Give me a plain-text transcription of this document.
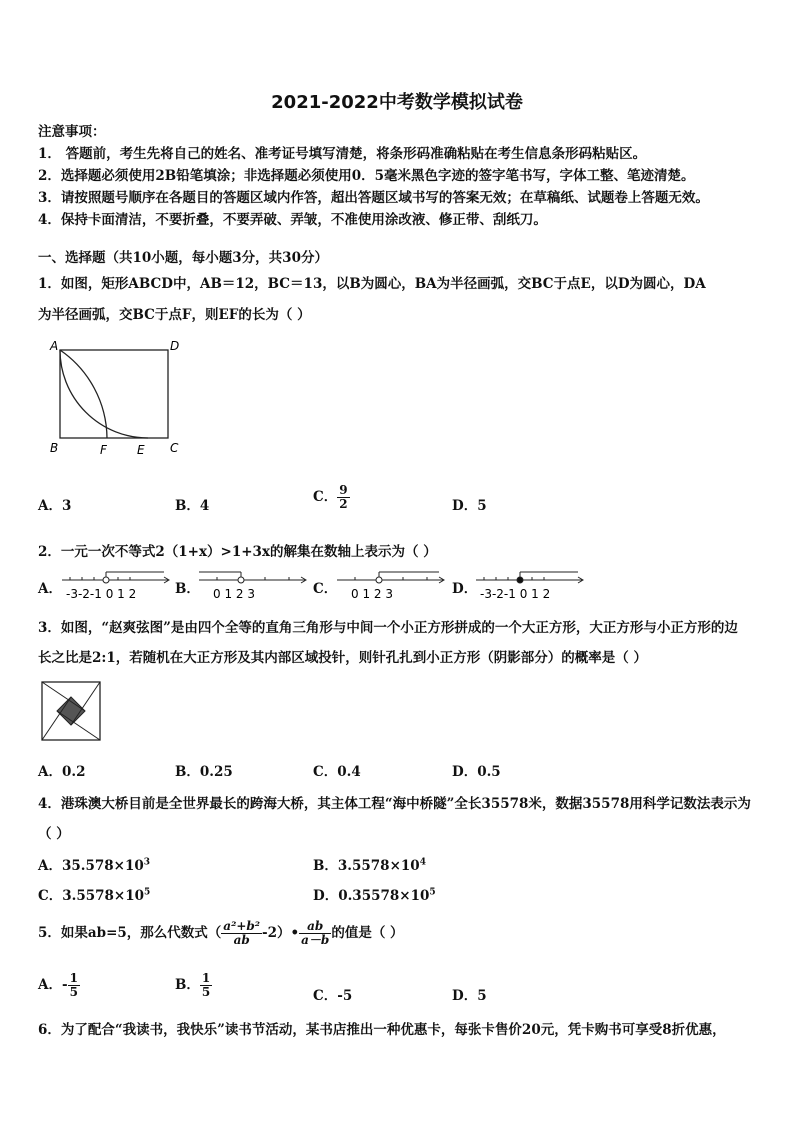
2021-2022中考数学模拟试卷
注意事项：
1． 答题前，考生先将自己的姓名、准考证号填写清楚，将条形码准确粘贴在考生信息条形码粘贴区。
2．选择题必须使用2B铅笔填涂；非选择题必须使用0．5毫米黑色字迹的签字笔书写，字体工整、笔迹清楚。
3．请按照题号顺序在各题目的答题区域内作答，超出答题区域书写的答案无效；在草稿纸、试题卷上答题无效。
4．保持卡面清洁，不要折叠，不要弄破、弄皱，不准使用涂改液、修正带、刮纸刀。
一、选择题（共10小题，每小题3分，共30分）
1．如图，矩形ABCD中，AB＝12，BC＝13，以B为圆心，BA为半径画弧，交BC于点E，以D为圆心，DA
为半径画弧，交BC于点F，则EF的长为（ ）
A	D
B	F	E C
A．3	B．4
C． $\frac{9}{2}$	D．5
2．一元一次不等式2（1+x）>1+3x的解集在数轴上表示为（ ）
A． -3-2-1 0 1 2	B． 0 1 2 3	C． 0 1 2 3	D． -3-2-1 0 1 2
3．如图，“赵爽弦图”是由四个全等的直角三角形与中间一个小正方形拼成的一个大正方形，大正方形与小正方形的边
长之比是2:1，若随机在大正方形及其内部区域投针，则针孔扎到小正方形（阴影部分）的概率是（ ）
A．0.2	B．0.25	C．0.4	D．0.5
4．港珠澳大桥目前是全世界最长的跨海大桥，其主体工程“海中桥隧”全长35578米，数据35578用科学记数法表示为
（ ）
A．$35.578\times 10^3$	B．$3.5578\times 10^4$
C．$3.5578\times 10^5$	D．$0.35578\times 10^5$
5．如果ab=5，那么代数式（ $\frac{\text{a²+b²}}{ab}$ -2）• $\frac{ab}{a-b}$ 的值是（ ）
A．- $\frac{1}{5}$	B． $\frac{1}{5}$	C．-5	D．5
6．为了配合“我读书，我快乐”读书节活动，某书店推出一种优惠卡，每张卡售价20元，凭卡购书可享受8折优惠，
